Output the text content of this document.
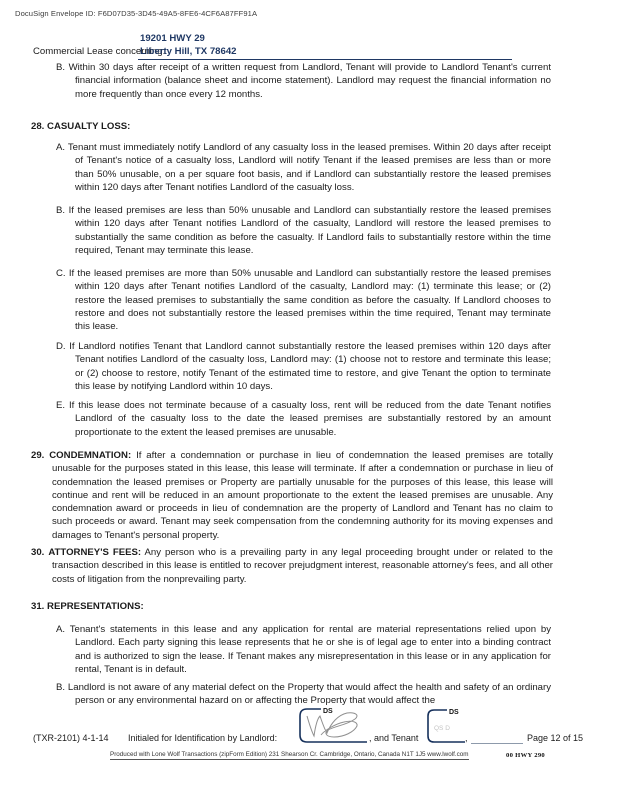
DocuSign Envelope ID: F6D07D35-3D45-49A5-8FE6-4CF6A87FF91A
19201 HWY 29
Commercial Lease concerning:
Liberty Hill, TX 78642
B. Within 30 days after receipt of a written request from Landlord, Tenant will provide to Landlord Tenant's current financial information (balance sheet and income statement). Landlord may request the financial information no more frequently than once every 12 months.
28. CASUALTY LOSS:
A. Tenant must immediately notify Landlord of any casualty loss in the leased premises. Within 20 days after receipt of Tenant's notice of a casualty loss, Landlord will notify Tenant if the leased premises are less than or more than 50% unusable, on a per square foot basis, and if Landlord can substantially restore the leased premises within 120 days after Tenant notifies Landlord of the casualty loss.
B. If the leased premises are less than 50% unusable and Landlord can substantially restore the leased premises within 120 days after Tenant notifies Landlord of the casualty, Landlord will restore the leased premises to substantially the same condition as before the casualty. If Landlord fails to substantially restore within the time required, Tenant may terminate this lease.
C. If the leased premises are more than 50% unusable and Landlord can substantially restore the leased premises within 120 days after Tenant notifies Landlord of the casualty, Landlord may: (1) terminate this lease; or (2) restore the leased premises to substantially the same condition as before the casualty. If Landlord chooses to restore and does not substantially restore the leased premises within the time required, Tenant may terminate this lease.
D. If Landlord notifies Tenant that Landlord cannot substantially restore the leased premises within 120 days after Tenant notifies Landlord of the casualty loss, Landlord may: (1) choose not to restore and terminate this lease; or (2) choose to restore, notify Tenant of the estimated time to restore, and give Tenant the option to terminate this lease by notifying Landlord within 10 days.
E. If this lease does not terminate because of a casualty loss, rent will be reduced from the date Tenant notifies Landlord of the casualty loss to the date the leased premises are substantially restored by an amount proportionate to the extent the leased premises are unusable.
29. CONDEMNATION: If after a condemnation or purchase in lieu of condemnation the leased premises are totally unusable for the purposes stated in this lease, this lease will terminate. If after a condemnation or purchase in lieu of condemnation the leased premises or Property are partially unusable for the purposes of this lease, this lease will continue and rent will be reduced in an amount proportionate to the extent the leased premises are unusable. Any condemnation award or proceeds in lieu of condemnation are the property of Landlord and Tenant has no claim to such proceeds or award. Tenant may seek compensation from the condemning authority for its moving expenses and damages to Tenant's personal property.
30. ATTORNEY'S FEES: Any person who is a prevailing party in any legal proceeding brought under or related to the transaction described in this lease is entitled to recover prejudgment interest, reasonable attorney's fees, and all other costs of litigation from the nonprevailing party.
31. REPRESENTATIONS:
A. Tenant's statements in this lease and any application for rental are material representations relied upon by Landlord. Each party signing this lease represents that he or she is of legal age to enter into a binding contract and is authorized to sign the lease. If Tenant makes any misrepresentation in this lease or in any application for rental, Tenant is in default.
B. Landlord is not aware of any material defect on the Property that would affect the health and safety of an ordinary person or any environmental hazard on or affecting the Property that would affect the
(TXR-2101) 4-1-14 Initialed for Identification by Landlord:
DS
, and Tenant
DS
QS D
,	Page 12 of 15
Produced with Lone Wolf Transactions (zipForm Edition) 231 Shearson Cr. Cambridge, Ontario, Canada N1T 1J5 www.lwolf.com	00 HWY 290
